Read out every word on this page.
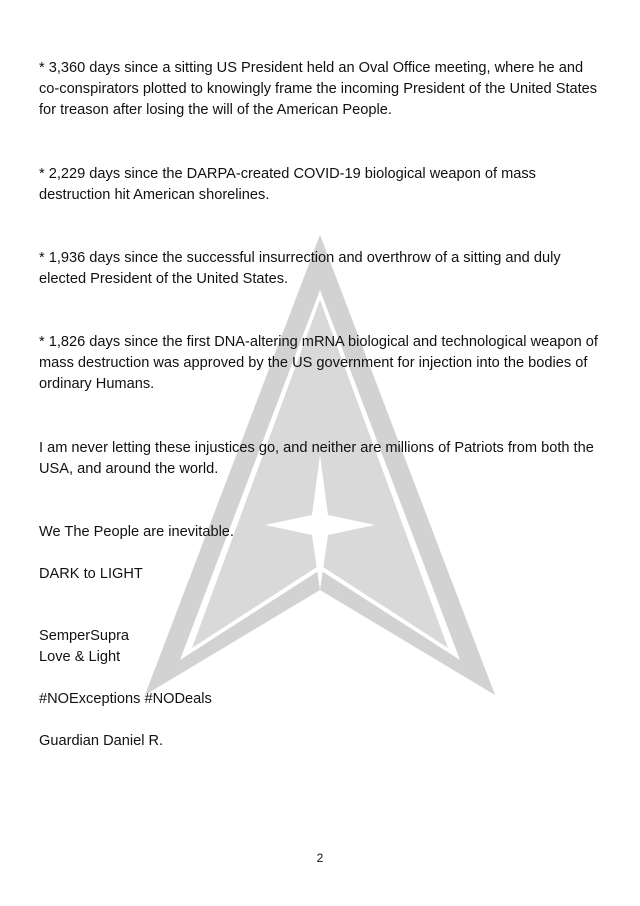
* 3,360 days since a sitting US President held an Oval Office meeting, where he and co-conspirators plotted to knowingly frame the incoming President of the United States for treason after losing the will of the American People.

* 2,229 days since the DARPA-created COVID-19 biological weapon of mass destruction hit American shorelines.

* 1,936 days since the successful insurrection and overthrow of a sitting and duly elected President of the United States.

* 1,826 days since the first DNA-altering mRNA biological and technological weapon of mass destruction was approved by the US government for injection into the bodies of ordinary Humans.

I am never letting these injustices go, and neither are millions of Patriots from both the USA, and around the world.

We The People are inevitable.

DARK to LIGHT

SemperSupra
Love & Light

#NOExceptions #NODeals

Guardian Daniel R.

2
